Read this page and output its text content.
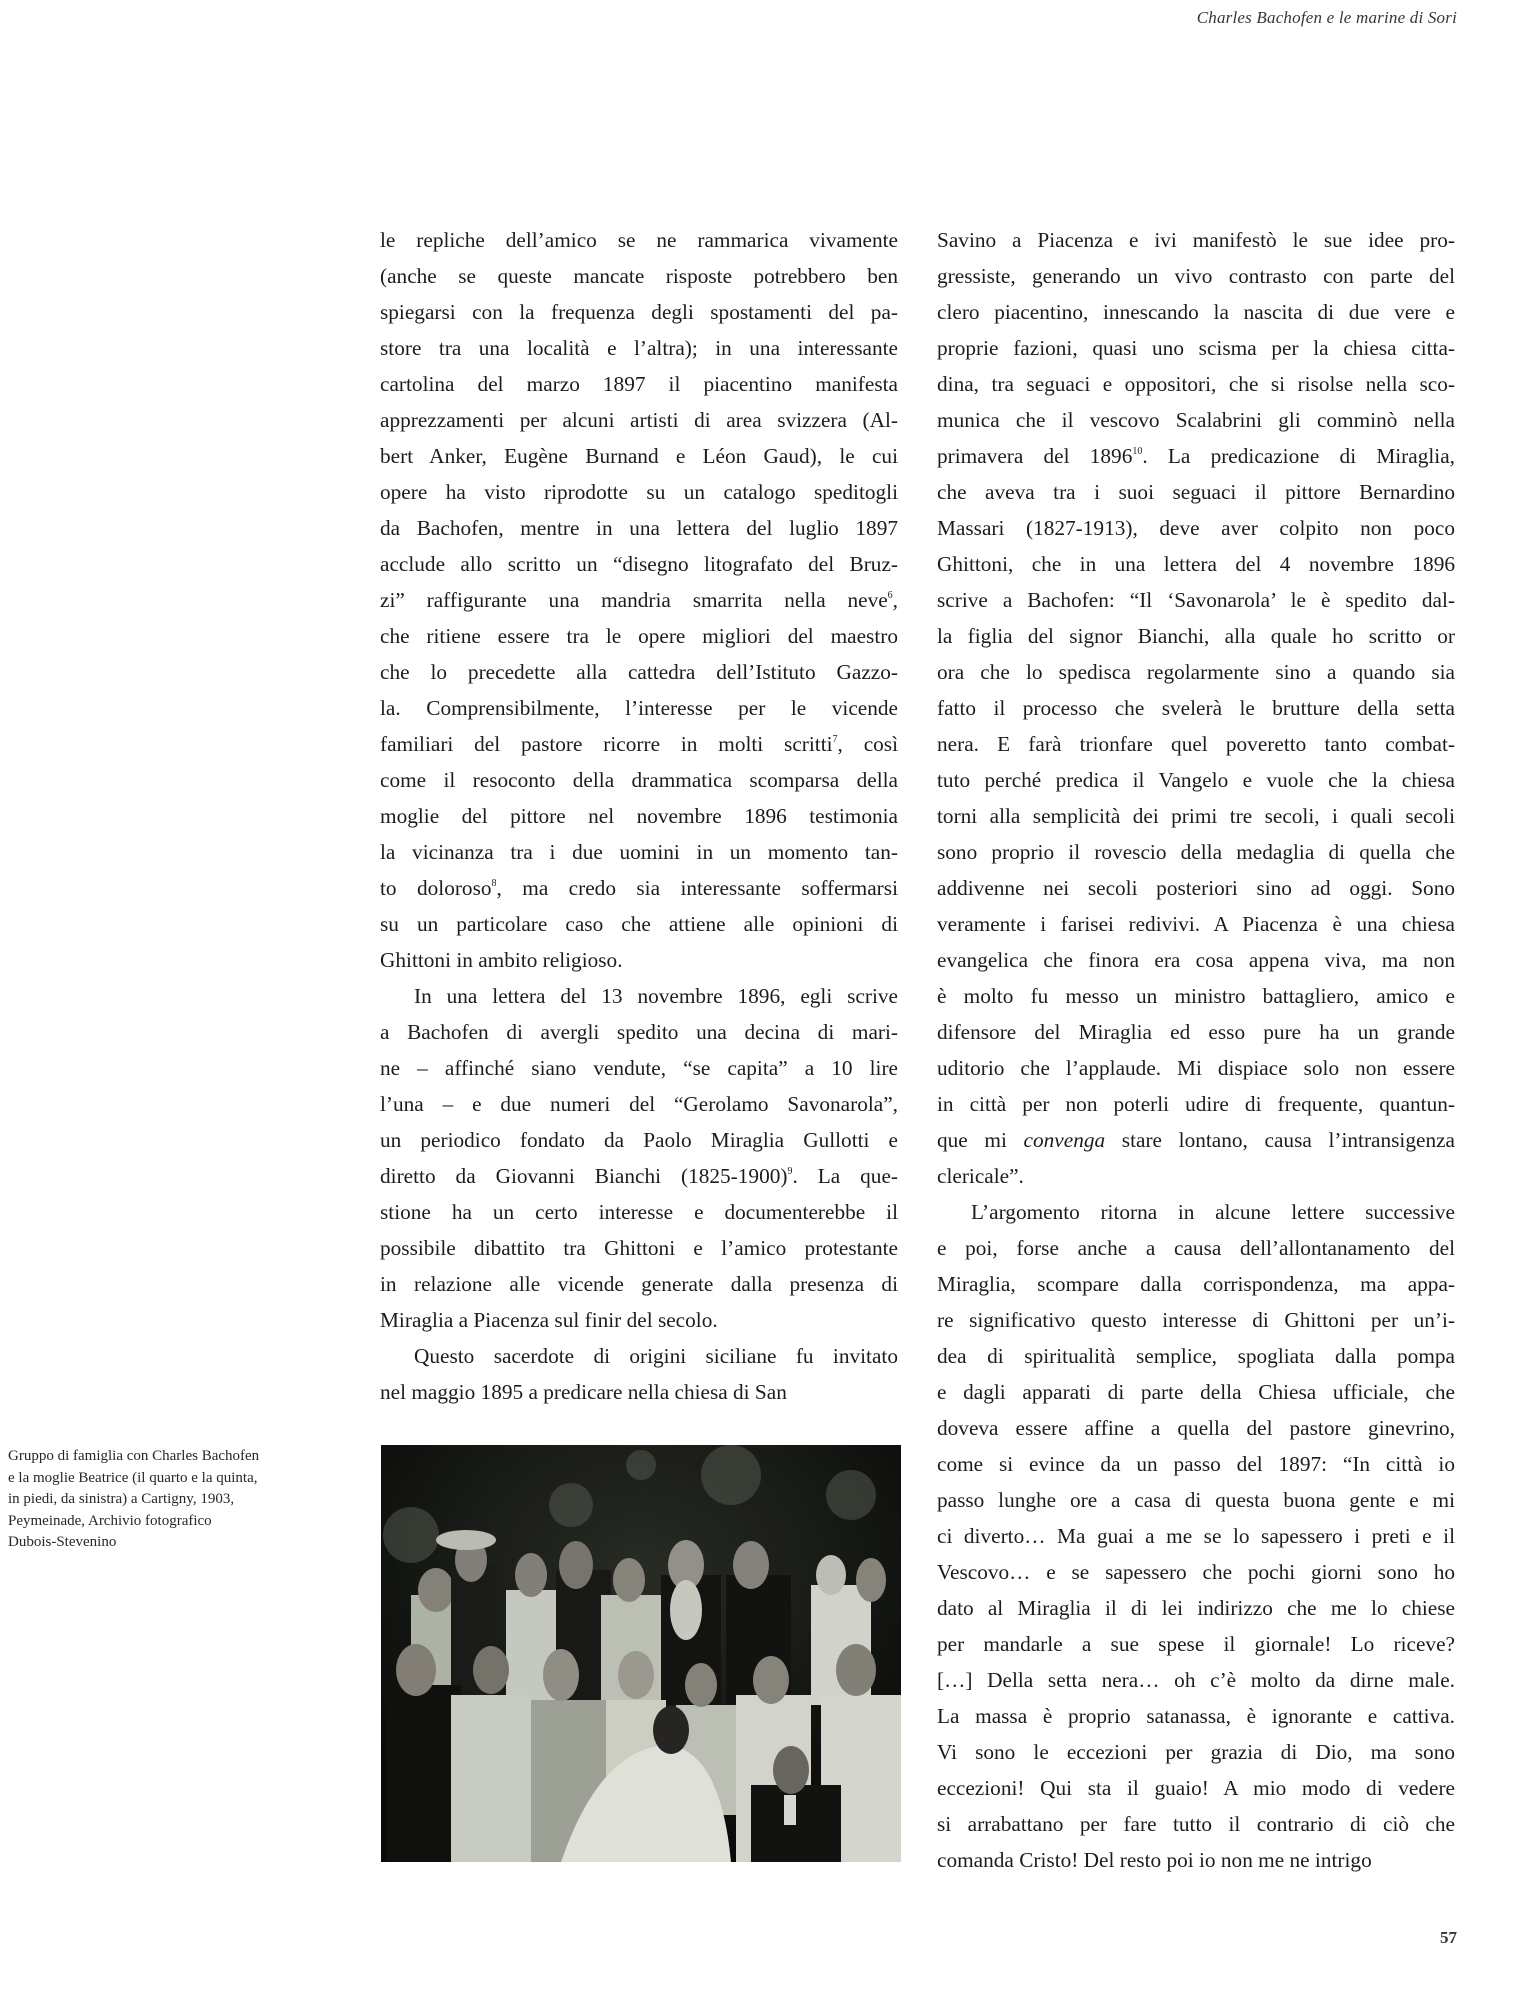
Charles Bachofen e le marine di Sori
le repliche dell’amico se ne rammarica vivamente
(anche se queste mancate risposte potrebbero ben
spiegarsi con la frequenza degli spostamenti del pa-
store tra una località e l’altra); in una interessante
cartolina del marzo 1897 il piacentino manifesta
apprezzamenti per alcuni artisti di area svizzera (Al-
bert Anker, Eugène Burnand e Léon Gaud), le cui
opere ha visto riprodotte su un catalogo speditogli
da Bachofen, mentre in una lettera del luglio 1897
acclude allo scritto un “disegno litografato del Bruz-
zi” raffigurante una mandria smarrita nella neve$^6$,
che ritiene essere tra le opere migliori del maestro
che lo precedette alla cattedra dell’Istituto Gazzo-
la. Comprensibilmente, l’interesse per le vicende
familiari del pastore ricorre in molti scritti$^7$, così
come il resoconto della drammatica scomparsa della
moglie del pittore nel novembre 1896 testimonia
la vicinanza tra i due uomini in un momento tan-
to doloroso$^8$, ma credo sia interessante soffermarsi
su un particolare caso che attiene alle opinioni di
Ghittoni in ambito religioso.
In una lettera del 13 novembre 1896, egli scrive
a Bachofen di avergli spedito una decina di mari-
ne – affinché siano vendute, “se capita” a 10 lire
l’una – e due numeri del “Gerolamo Savonarola”,
un periodico fondato da Paolo Miraglia Gullotti e
diretto da Giovanni Bianchi (1825-1900)$^9$. La que-
stione ha un certo interesse e documenterebbe il
possibile dibattito tra Ghittoni e l’amico protestante
in relazione alle vicende generate dalla presenza di
Miraglia a Piacenza sul finir del secolo.
Questo sacerdote di origini siciliane fu invitato
nel maggio 1895 a predicare nella chiesa di San
Savino a Piacenza e ivi manifestò le sue idee pro-
gressiste, generando un vivo contrasto con parte del
clero piacentino, innescando la nascita di due vere e
proprie fazioni, quasi uno scisma per la chiesa citta-
dina, tra seguaci e oppositori, che si risolse nella sco-
munica che il vescovo Scalabrini gli comminò nella
primavera del 1896$^{10}$. La predicazione di Miraglia,
che aveva tra i suoi seguaci il pittore Bernardino
Massari (1827-1913), deve aver colpito non poco
Ghittoni, che in una lettera del 4 novembre 1896
scrive a Bachofen: “Il ‘Savonarola’ le è spedito dal-
la figlia del signor Bianchi, alla quale ho scritto or
ora che lo spedisca regolarmente sino a quando sia
fatto il processo che svelerà le brutture della setta
nera. E farà trionfare quel poveretto tanto combat-
tuto perché predica il Vangelo e vuole che la chiesa
torni alla semplicità dei primi tre secoli, i quali secoli
sono proprio il rovescio della medaglia di quella che
addivenne nei secoli posteriori sino ad oggi. Sono
veramente i farisei redivivi. A Piacenza è una chiesa
evangelica che finora era cosa appena viva, ma non
è molto fu messo un ministro battagliero, amico e
difensore del Miraglia ed esso pure ha un grande
uditorio che l’applaude. Mi dispiace solo non essere
in città per non poterli udire di frequente, quantun-
que mi convenga stare lontano, causa l’intransigenza
clericale”.
L’argomento ritorna in alcune lettere successive
e poi, forse anche a causa dell’allontanamento del
Miraglia, scompare dalla corrispondenza, ma appa-
re significativo questo interesse di Ghittoni per un’i-
dea di spiritualità semplice, spogliata dalla pompa
e dagli apparati di parte della Chiesa ufficiale, che
doveva essere affine a quella del pastore ginevrino,
come si evince da un passo del 1897: “In città io
passo lunghe ore a casa di questa buona gente e mi
ci diverto… Ma guai a me se lo sapessero i preti e il
Vescovo… e se sapessero che pochi giorni sono ho
dato al Miraglia il di lei indirizzo che me lo chiese
per mandarle a sue spese il giornale! Lo riceve?
[…] Della setta nera… oh c’è molto da dirne male.
La massa è proprio satanassa, è ignorante e cattiva.
Vi sono le eccezioni per grazia di Dio, ma sono
eccezioni! Qui sta il guaio! A mio modo di vedere
si arrabattano per fare tutto il contrario di ciò che
comanda Cristo! Del resto poi io non me ne intrigo
Gruppo di famiglia con Charles Bachofen
e la moglie Beatrice (il quarto e la quinta,
in piedi, da sinistra) a Cartigny, 1903,
Peymeinade, Archivio fotografico
Dubois-Stevenino
57
